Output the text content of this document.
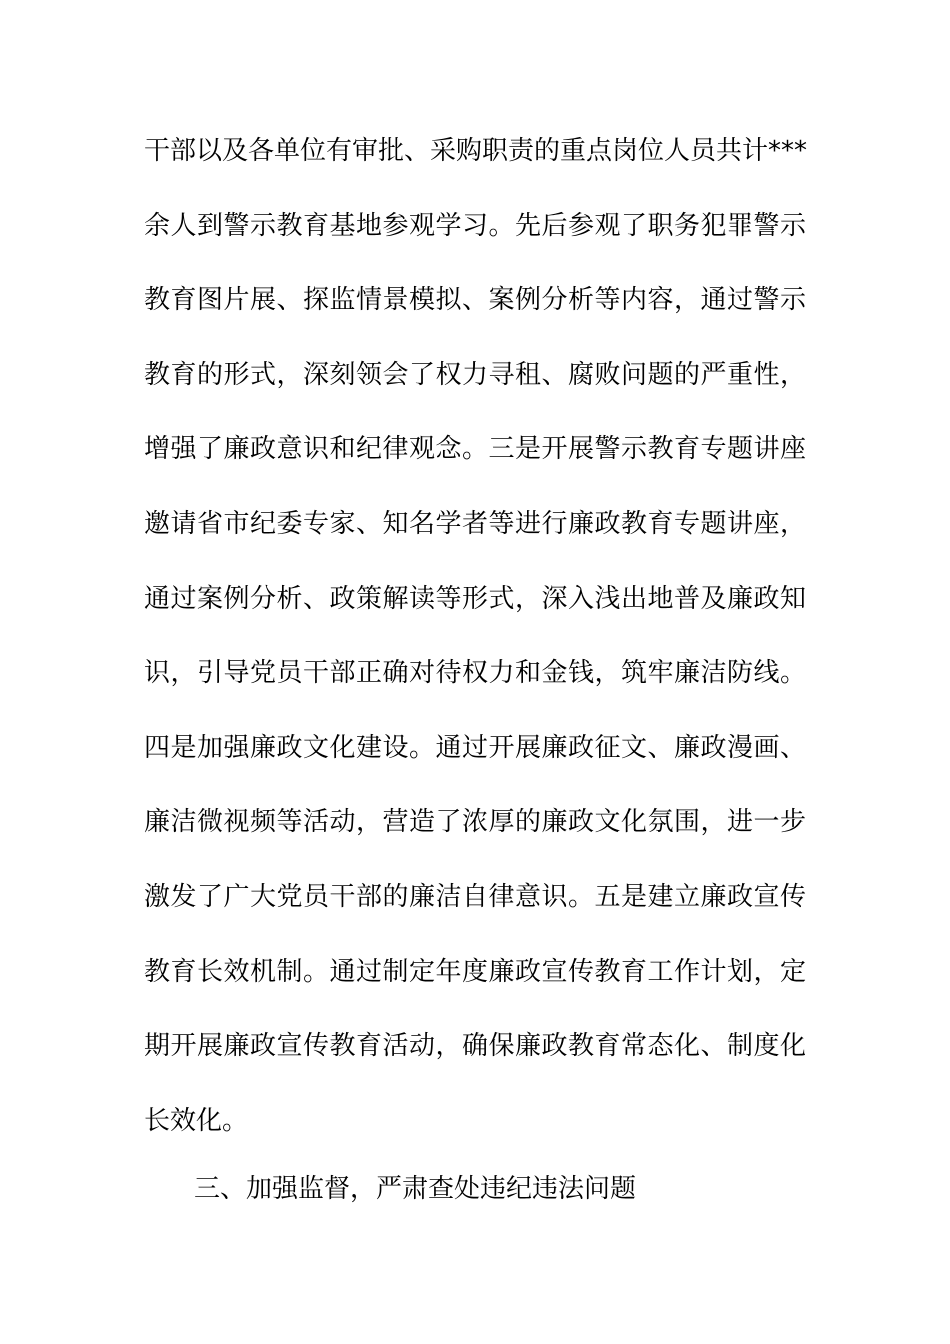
干部以及各单位有审批、采购职责的重点岗位人员共计***
余人到警示教育基地参观学习。先后参观了职务犯罪警示
教育图片展、探监情景模拟、案例分析等内容，通过警示
教育的形式，深刻领会了权力寻租、腐败问题的严重性，
增强了廉政意识和纪律观念。三是开展警示教育专题讲座
邀请省市纪委专家、知名学者等进行廉政教育专题讲座，
通过案例分析、政策解读等形式，深入浅出地普及廉政知
识，引导党员干部正确对待权力和金钱，筑牢廉洁防线。
四是加强廉政文化建设。通过开展廉政征文、廉政漫画、
廉洁微视频等活动，营造了浓厚的廉政文化氛围，进一步
激发了广大党员干部的廉洁自律意识。五是建立廉政宣传
教育长效机制。通过制定年度廉政宣传教育工作计划，定
期开展廉政宣传教育活动，确保廉政教育常态化、制度化
长效化。
三、加强监督，严肃查处违纪违法问题
